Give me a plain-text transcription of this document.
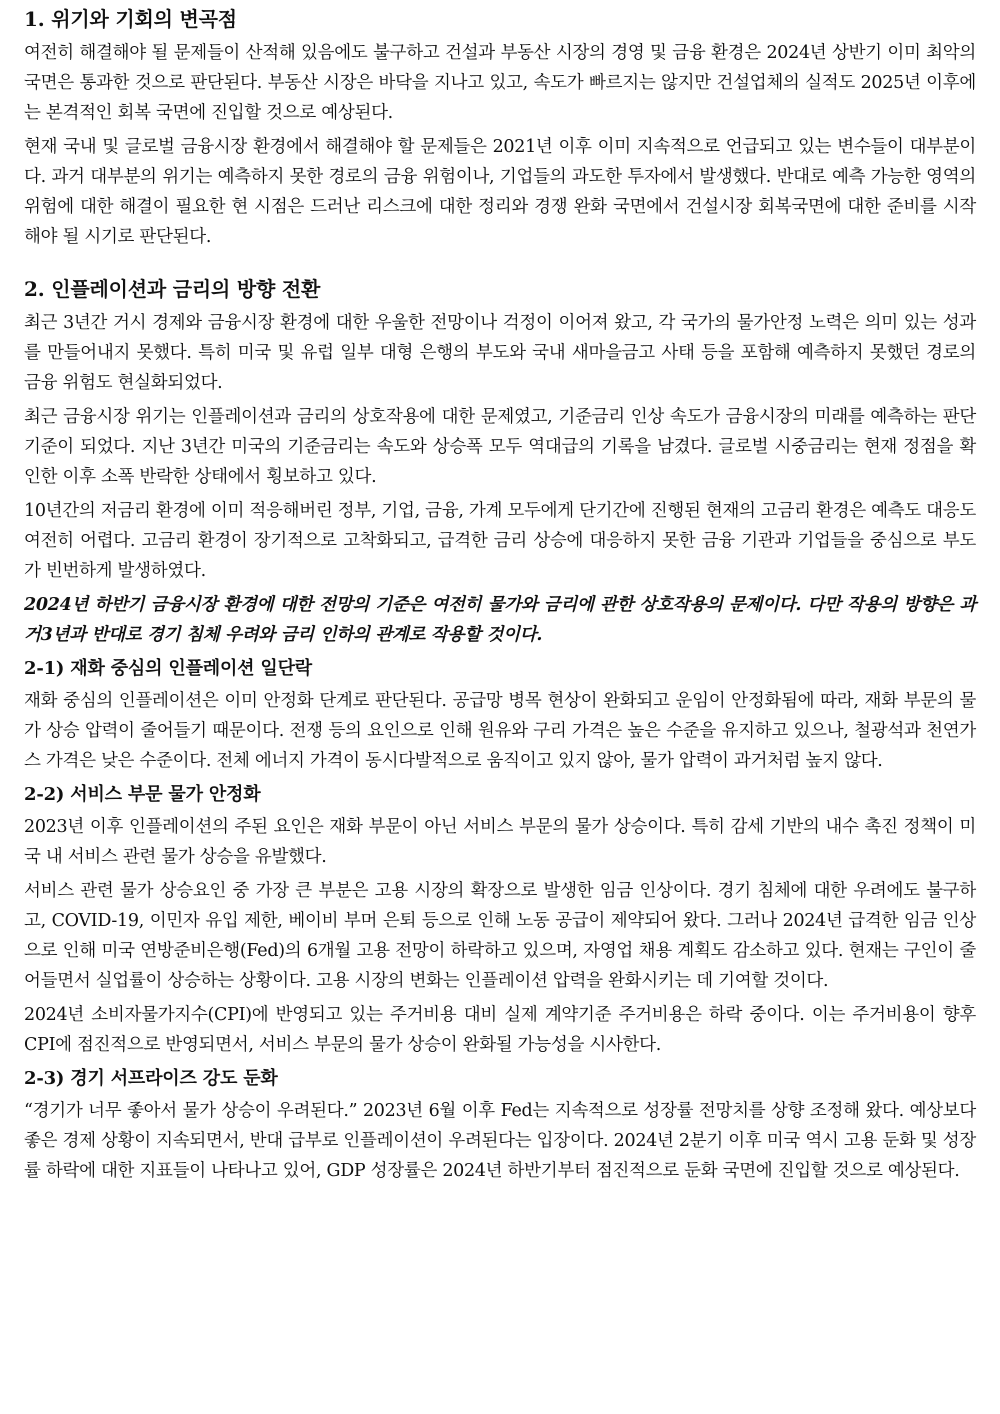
1. 위기와 기회의 변곡점

여전히 해결해야 될 문제들이 산적해 있음에도 불구하고 건설과 부동산 시장의 경영 및 금융 환경은 2024년 상반기 이미 최악의 국면은 통과한 것으로 판단된다. 부동산 시장은 바닥을 지나고 있고, 속도가 빠르지는 않지만 건설업체의 실적도 2025년 이후에는 본격적인 회복 국면에 진입할 것으로 예상된다.

현재 국내 및 글로벌 금융시장 환경에서 해결해야 할 문제들은 2021년 이후 이미 지속적으로 언급되고 있는 변수들이 대부분이다. 과거 대부분의 위기는 예측하지 못한 경로의 금융 위험이나, 기업들의 과도한 투자에서 발생했다. 반대로 예측 가능한 영역의 위험에 대한 해결이 필요한 현 시점은 드러난 리스크에 대한 정리와 경쟁 완화 국면에서 건설시장 회복국면에 대한 준비를 시작해야 될 시기로 판단된다.

2. 인플레이션과 금리의 방향 전환

최근 3년간 거시 경제와 금융시장 환경에 대한 우울한 전망이나 걱정이 이어져 왔고, 각 국가의 물가안정 노력은 의미 있는 성과를 만들어내지 못했다. 특히 미국 및 유럽 일부 대형 은행의 부도와 국내 새마을금고 사태 등을 포함해 예측하지 못했던 경로의 금융 위험도 현실화되었다.

최근 금융시장 위기는 인플레이션과 금리의 상호작용에 대한 문제였고, 기준금리 인상 속도가 금융시장의 미래를 예측하는 판단 기준이 되었다. 지난 3년간 미국의 기준금리는 속도와 상승폭 모두 역대급의 기록을 남겼다. 글로벌 시중금리는 현재 정점을 확인한 이후 소폭 반락한 상태에서 횡보하고 있다.

10년간의 저금리 환경에 이미 적응해버린 정부, 기업, 금융, 가계 모두에게 단기간에 진행된 현재의 고금리 환경은 예측도 대응도 여전히 어렵다. 고금리 환경이 장기적으로 고착화되고, 급격한 금리 상승에 대응하지 못한 금융 기관과 기업들을 중심으로 부도가 빈번하게 발생하였다.

2024년 하반기 금융시장 환경에 대한 전망의 기준은 여전히 물가와 금리에 관한 상호작용의 문제이다. 다만 작용의 방향은 과거3년과 반대로 경기 침체 우려와 금리 인하의 관계로 작용할 것이다.

2-1) 재화 중심의 인플레이션 일단락

재화 중심의 인플레이션은 이미 안정화 단계로 판단된다. 공급망 병목 현상이 완화되고 운임이 안정화됨에 따라, 재화 부문의 물가 상승 압력이 줄어들기 때문이다. 전쟁 등의 요인으로 인해 원유와 구리 가격은 높은 수준을 유지하고 있으나, 철광석과 천연가스 가격은 낮은 수준이다. 전체 에너지 가격이 동시다발적으로 움직이고 있지 않아, 물가 압력이 과거처럼 높지 않다.

2-2) 서비스 부문 물가 안정화

2023년 이후 인플레이션의 주된 요인은 재화 부문이 아닌 서비스 부문의 물가 상승이다. 특히 감세 기반의 내수 촉진 정책이 미국 내 서비스 관련 물가 상승을 유발했다.

서비스 관련 물가 상승요인 중 가장 큰 부분은 고용 시장의 확장으로 발생한 임금 인상이다. 경기 침체에 대한 우려에도 불구하고, COVID-19, 이민자 유입 제한, 베이비 부머 은퇴 등으로 인해 노동 공급이 제약되어 왔다. 그러나 2024년 급격한 임금 인상으로 인해 미국 연방준비은행(Fed)의 6개월 고용 전망이 하락하고 있으며, 자영업 채용 계획도 감소하고 있다. 현재는 구인이 줄어들면서 실업률이 상승하는 상황이다. 고용 시장의 변화는 인플레이션 압력을 완화시키는 데 기여할 것이다.

2024년 소비자물가지수(CPI)에 반영되고 있는 주거비용 대비 실제 계약기준 주거비용은 하락 중이다. 이는 주거비용이 향후 CPI에 점진적으로 반영되면서, 서비스 부문의 물가 상승이 완화될 가능성을 시사한다.

2-3) 경기 서프라이즈 강도 둔화

“경기가 너무 좋아서 물가 상승이 우려된다.” 2023년 6월 이후 Fed는 지속적으로 성장률 전망치를 상향 조정해 왔다. 예상보다 좋은 경제 상황이 지속되면서, 반대 급부로 인플레이션이 우려된다는 입장이다. 2024년 2분기 이후 미국 역시 고용 둔화 및 성장률 하락에 대한 지표들이 나타나고 있어, GDP 성장률은 2024년 하반기부터 점진적으로 둔화 국면에 진입할 것으로 예상된다.
